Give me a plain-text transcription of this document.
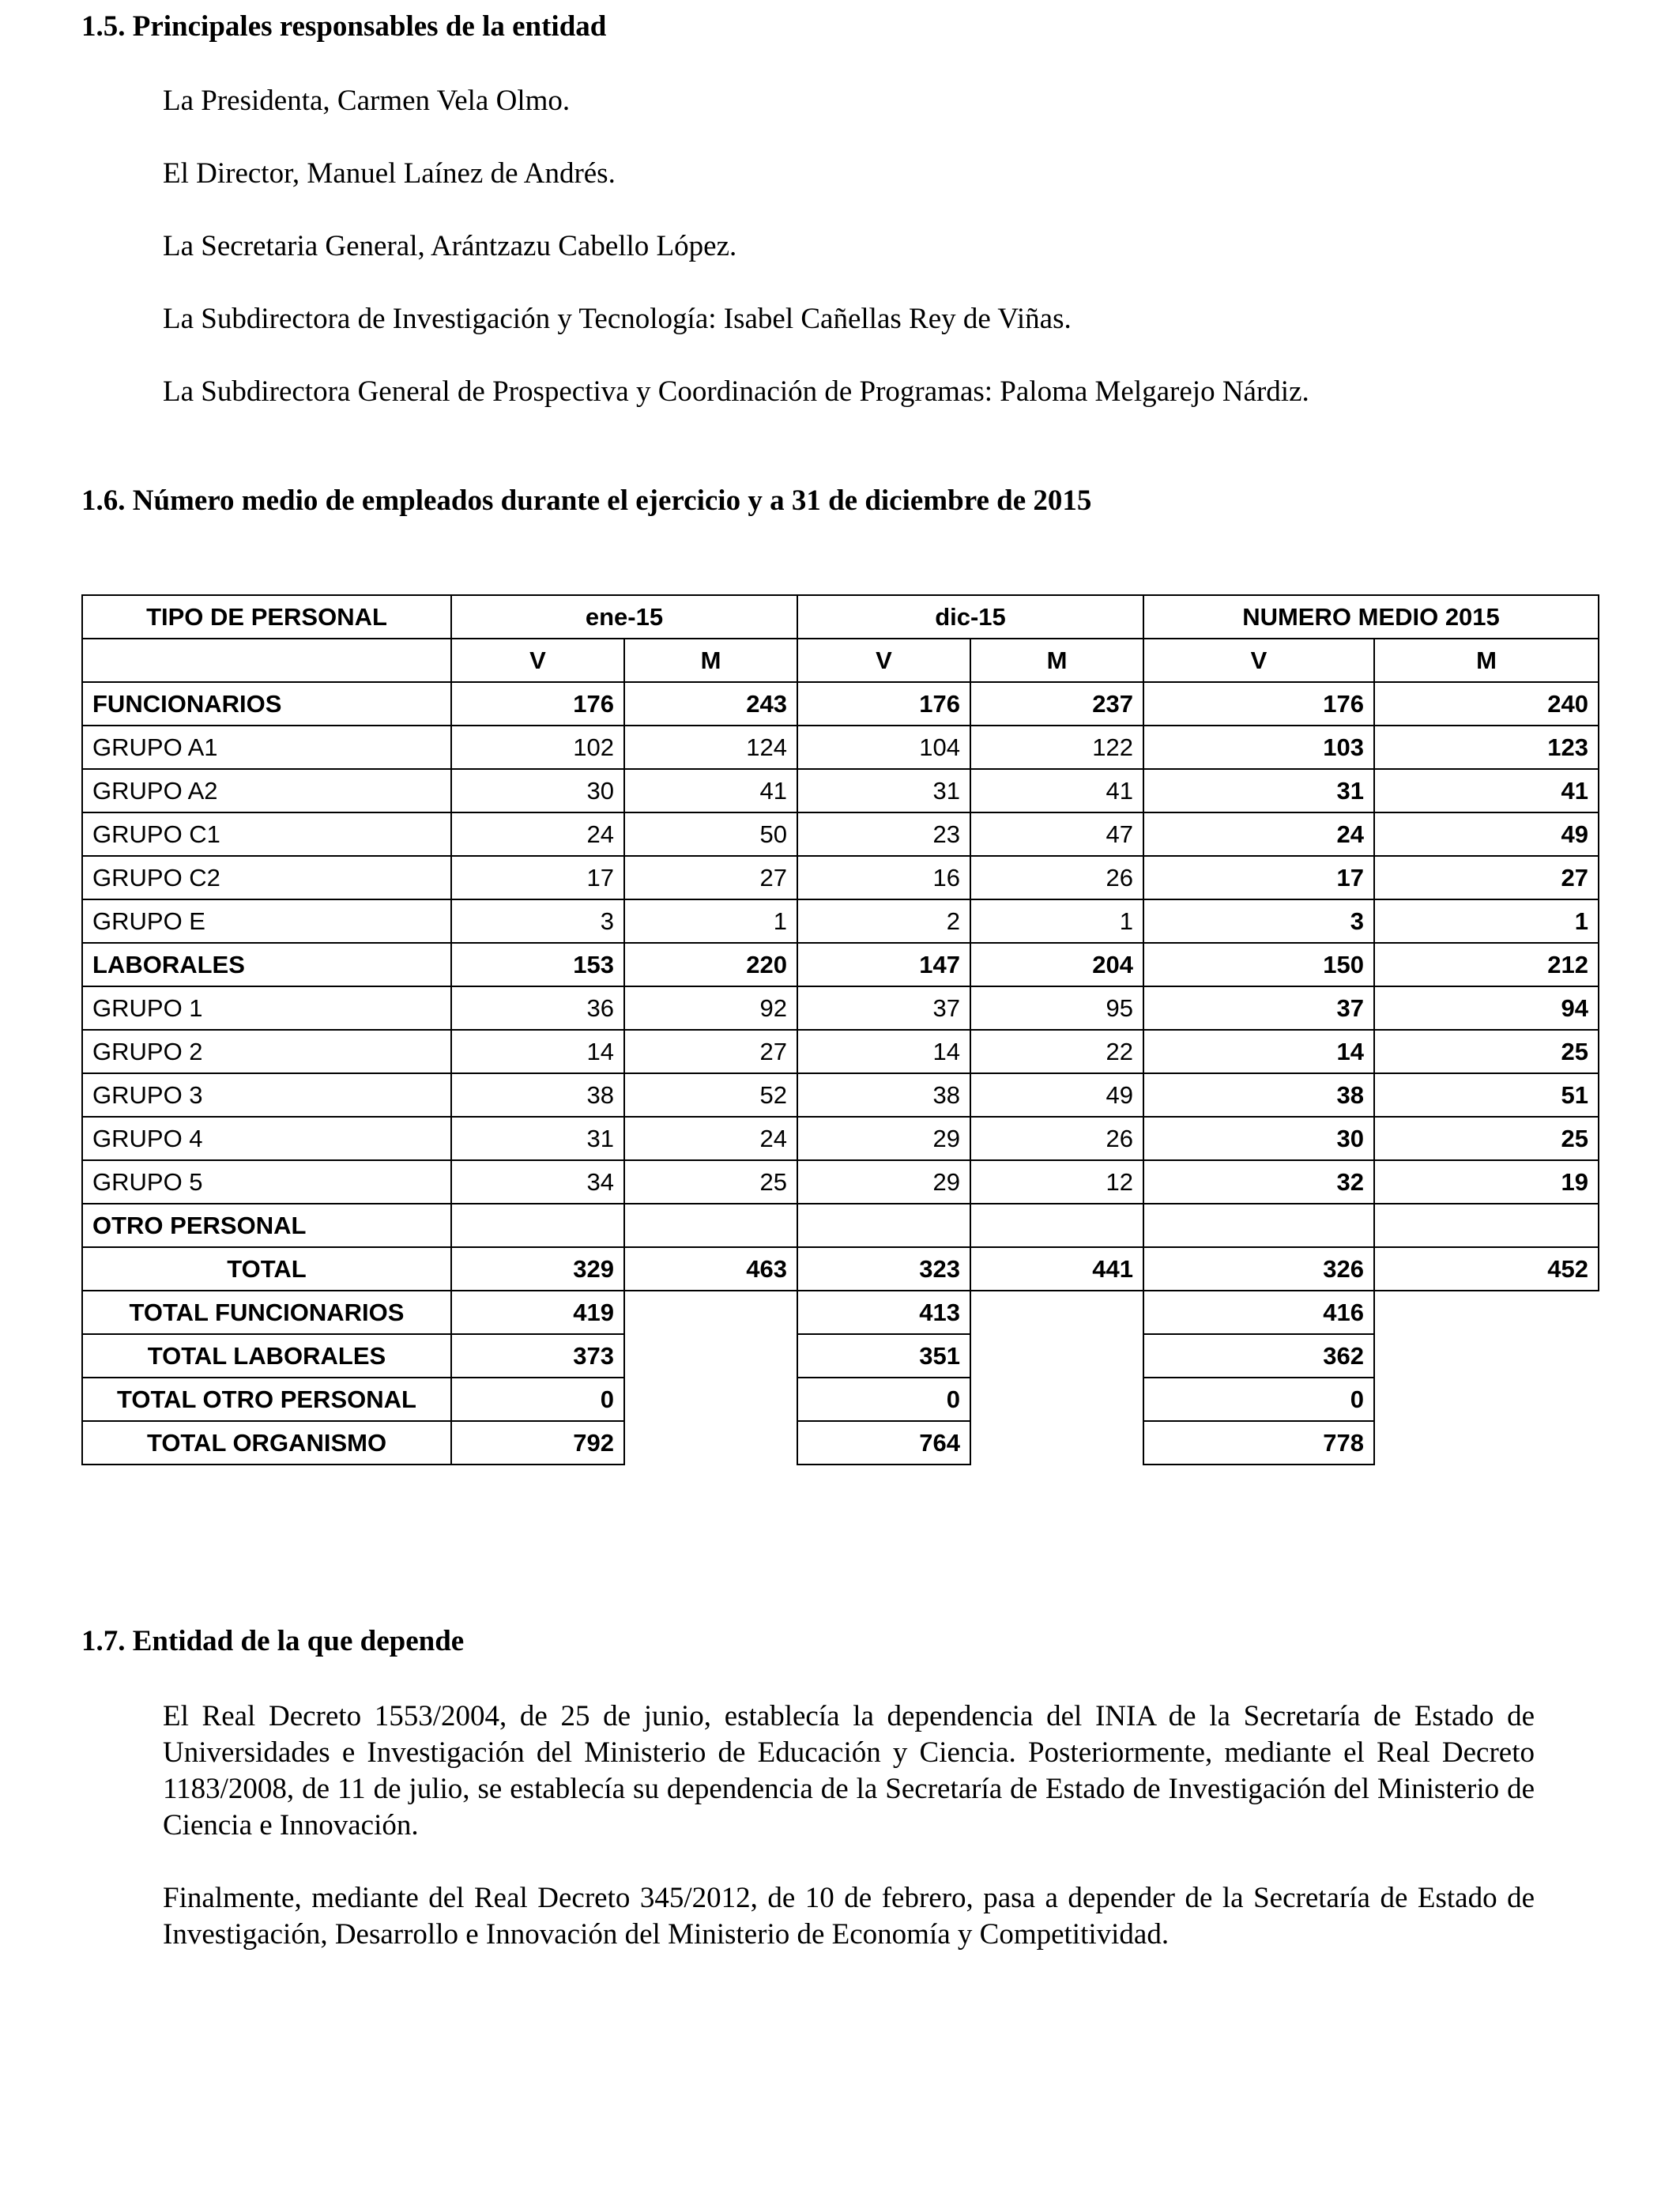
1.5. Principales responsables de la entidad
La Presidenta, Carmen Vela Olmo.
El Director, Manuel Laínez de Andrés.
La Secretaria General, Arántzazu Cabello López.
La Subdirectora de Investigación y Tecnología: Isabel Cañellas Rey de Viñas.
La Subdirectora General de Prospectiva y Coordinación de Programas: Paloma Melgarejo Nárdiz.
1.6. Número medio de empleados durante el ejercicio y a 31 de diciembre de 2015
TIPO DE PERSONAL	ene-15		dic-15		NUMERO MEDIO 2015	
	V	M	V	M	V	M
FUNCIONARIOS	176	243	176	237	176	240
GRUPO A1	102	124	104	122	103	123
GRUPO A2	30	41	31	41	31	41
GRUPO C1	24	50	23	47	24	49
GRUPO C2	17	27	16	26	17	27
GRUPO E	3	1	2	1	3	1
LABORALES	153	220	147	204	150	212
GRUPO 1	36	92	37	95	37	94
GRUPO 2	14	27	14	22	14	25
GRUPO 3	38	52	38	49	38	51
GRUPO 4	31	24	29	26	30	25
GRUPO 5	34	25	29	12	32	19
OTRO PERSONAL						
TOTAL	329	463	323	441	326	452
TOTAL FUNCIONARIOS	419		413		416	
TOTAL LABORALES	373		351		362	
TOTAL OTRO PERSONAL	0		0		0	
TOTAL ORGANISMO	792		764		778	
1.7. Entidad de la que depende
El Real Decreto 1553/2004, de 25 de junio, establecía la dependencia del INIA de la Secretaría de Estado de Universidades e Investigación del Ministerio de Educación y Ciencia. Posteriormente, mediante el Real Decreto 1183/2008, de 11 de julio, se establecía su dependencia de la Secretaría de Estado de Investigación del Ministerio de Ciencia e Innovación.
Finalmente, mediante del Real Decreto 345/2012, de 10 de febrero, pasa a depender de la Secretaría de Estado de Investigación, Desarrollo e Innovación del Ministerio de Economía y Competitividad.
